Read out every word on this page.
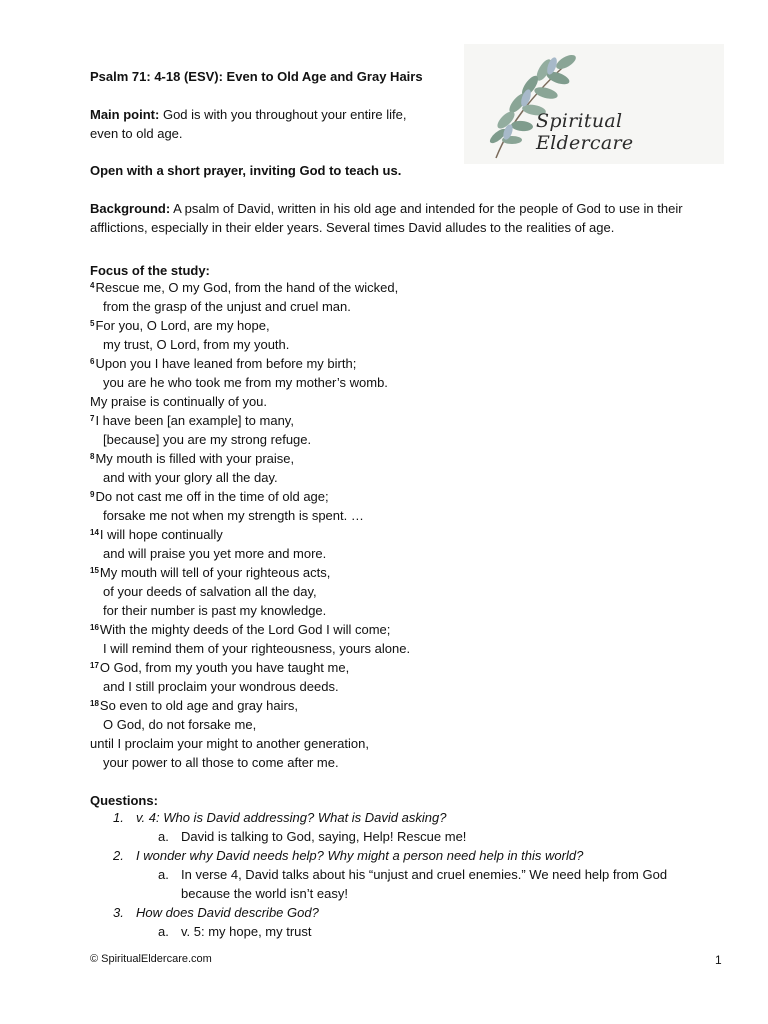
Psalm 71: 4-18 (ESV): Even to Old Age and Gray Hairs
Main point: God is with you throughout your entire life,
even to old age.
Open with a short prayer, inviting God to teach us.
Background: A psalm of David, written in his old age and intended for the people of God to use in their afflictions, especially in their elder years. Several times David alludes to the realities of age.
Spiritual Eldercare
Focus of the study:
$^4$Rescue me, O my God, from the hand of the wicked,
from the grasp of the unjust and cruel man.
$^5$For you, O Lord, are my hope,
my trust, O Lord, from my youth.
$^6$Upon you I have leaned from before my birth;
you are he who took me from my mother’s womb.
My praise is continually of you.
$^7$I have been [an example] to many,
[because] you are my strong refuge.
$^8$My mouth is filled with your praise,
and with your glory all the day.
$^9$Do not cast me off in the time of old age;
forsake me not when my strength is spent. …
$^{14}$I will hope continually
and will praise you yet more and more.
$^{15}$My mouth will tell of your righteous acts,
of your deeds of salvation all the day,
for their number is past my knowledge.
$^{16}$With the mighty deeds of the Lord God I will come;
I will remind them of your righteousness, yours alone.
$^{17}$O God, from my youth you have taught me,
and I still proclaim your wondrous deeds.
$^{18}$So even to old age and gray hairs,
O God, do not forsake me,
until I proclaim your might to another generation,
your power to all those to come after me.
Questions:
1. v. 4: Who is David addressing? What is David asking?
a. David is talking to God, saying, Help! Rescue me!
2. I wonder why David needs help? Why might a person need help in this world?
a. In verse 4, David talks about his “unjust and cruel enemies.” We need help from God
because the world isn’t easy!
3. How does David describe God?
a. v. 5: my hope, my trust
© SpiritualEldercare.com	1
